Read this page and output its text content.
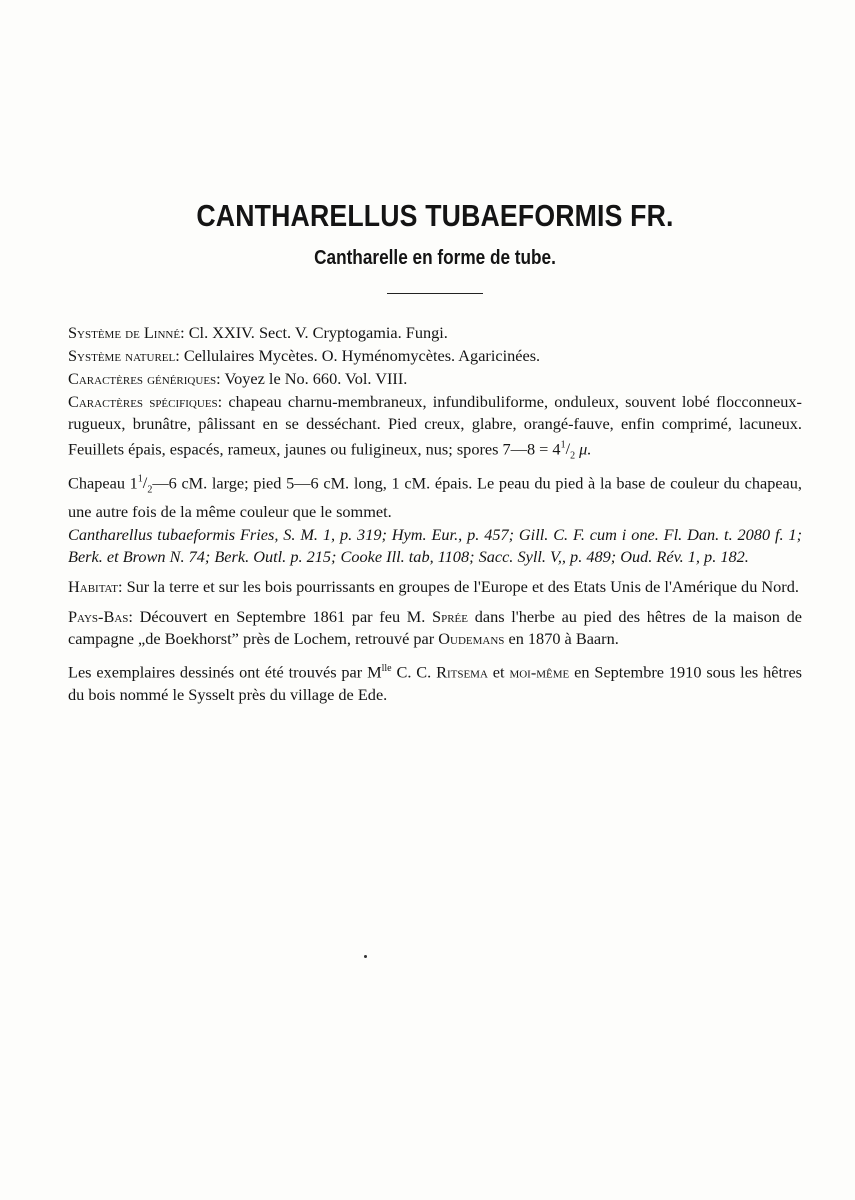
CANTHARELLUS TUBAEFORMIS FR.
Cantharelle en forme de tube.

Système de Linné: Cl. XXIV. Sect. V. Cryptogamia. Fungi.

Système naturel: Cellulaires Mycètes. O. Hyménomycètes. Agaricinées.

Caractères génériques: Voyez le No. 660. Vol. VIII.

Caractères spécifiques: chapeau charnu-membraneux, infundibuliforme, onduleux, souvent lobé flocconneux-rugueux, brunâtre, pâlissant en se desséchant. Pied creux, glabre, orangé-fauve, enfin comprimé, lacuneux. Feuillets épais, espacés, rameux, jaunes ou fuligineux, nus; spores 7—8 = $4^1/_2$ μ.

Chapeau $1^1/_2—6$ cM. large; pied 5—6 cM. long, 1 cM. épais. Le peau du pied à la base de couleur du chapeau, une autre fois de la même couleur que le sommet.

Cantharellus tubaeformis Fries, S. M. 1, p. 319; Hym. Eur., p. 457; Gill. C. F. cum i one. Fl. Dan. t. 2080 f. 1; Berk. et Brown N. 74; Berk. Outl. p. 215; Cooke Ill. tab, 1108; Sacc. Syll. V,, p. 489; Oud. Rév. 1, p. 182.

Habitat: Sur la terre et sur les bois pourrissants en groupes de l'Europe et des Etats Unis de l'Amérique du Nord.

Pays-Bas: Découvert en Septembre 1861 par feu M. Sprée dans l'herbe au pied des hêtres de la maison de campagne „de Boekhorst” près de Lochem, retrouvé par Oudemans en 1870 à Baarn.

Les exemplaires dessinés ont été trouvés par $M^{lle}$ C. C. Ritsema et moi-même en Septembre 1910 sous les hêtres du bois nommé le Sysselt près du village de Ede.
